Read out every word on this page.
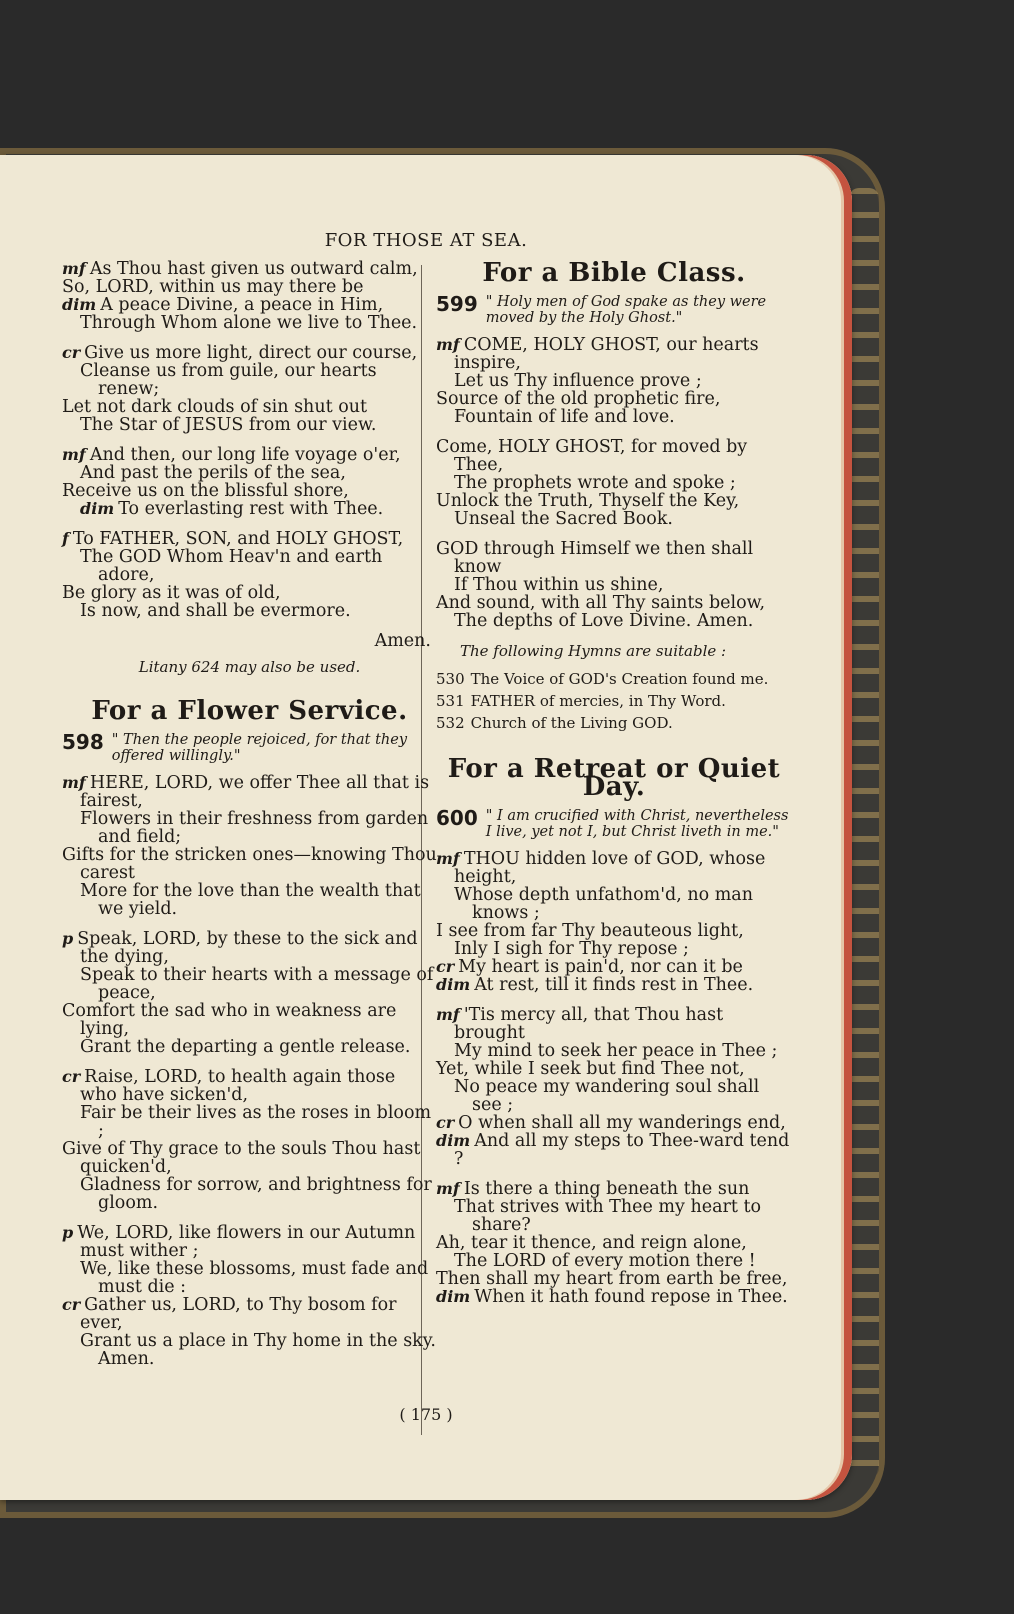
FOR THOSE AT SEA.
mf As Thou hast given us outward calm,
So, LORD, within us may there be
dim A peace Divine, a peace in Him,
Through Whom alone we live to Thee.
cr Give us more light, direct our course,
Cleanse us from guile, our hearts renew;
Let not dark clouds of sin shut out
The Star of JESUS from our view.
mf And then, our long life voyage o'er,
And past the perils of the sea,
Receive us on the blissful shore,
dim To everlasting rest with Thee.
f To FATHER, SON, and HOLY GHOST,
The GOD Whom Heav'n and earth adore,
Be glory as it was of old,
Is now, and shall be evermore.
Amen.
Litany 624 may also be used.
For a Flower Service.
598 " Then the people rejoiced, for that they offered willingly."
mf HERE, LORD, we offer Thee all that is fairest,
Flowers in their freshness from garden and field;
Gifts for the stricken ones—knowing Thou carest
More for the love than the wealth that we yield.
p Speak, LORD, by these to the sick and the dying,
Speak to their hearts with a message of peace,
Comfort the sad who in weakness are lying,
Grant the departing a gentle release.
cr Raise, LORD, to health again those who have sicken'd,
Fair be their lives as the roses in bloom ;
Give of Thy grace to the souls Thou hast quicken'd,
Gladness for sorrow, and brightness for gloom.
p We, LORD, like flowers in our Autumn must wither ;
We, like these blossoms, must fade and must die :
cr Gather us, LORD, to Thy bosom for ever,
Grant us a place in Thy home in the sky. Amen.
For a Bible Class.
599 " Holy men of God spake as they were moved by the Holy Ghost."
mf COME, HOLY GHOST, our hearts inspire,
Let us Thy influence prove ;
Source of the old prophetic fire,
Fountain of life and love.
Come, HOLY GHOST, for moved by Thee,
The prophets wrote and spoke ;
Unlock the Truth, Thyself the Key,
Unseal the Sacred Book.
GOD through Himself we then shall know
If Thou within us shine,
And sound, with all Thy saints below,
The depths of Love Divine. Amen.
The following Hymns are suitable :
530 The Voice of GOD's Creation found me.
531 FATHER of mercies, in Thy Word.
532 Church of the Living GOD.
For a Retreat or Quiet Day.
600 " I am crucified with Christ, nevertheless I live, yet not I, but Christ liveth in me."
mf THOU hidden love of GOD, whose height,
Whose depth unfathom'd, no man knows ;
I see from far Thy beauteous light,
Inly I sigh for Thy repose ;
cr My heart is pain'd, nor can it be
dim At rest, till it finds rest in Thee.
mf 'Tis mercy all, that Thou hast brought
My mind to seek her peace in Thee ;
Yet, while I seek but find Thee not,
No peace my wandering soul shall see ;
cr O when shall all my wanderings end,
dim And all my steps to Thee-ward tend ?
mf Is there a thing beneath the sun
That strives with Thee my heart to share?
Ah, tear it thence, and reign alone,
The LORD of every motion there !
Then shall my heart from earth be free,
dim When it hath found repose in Thee.
( 175 )
